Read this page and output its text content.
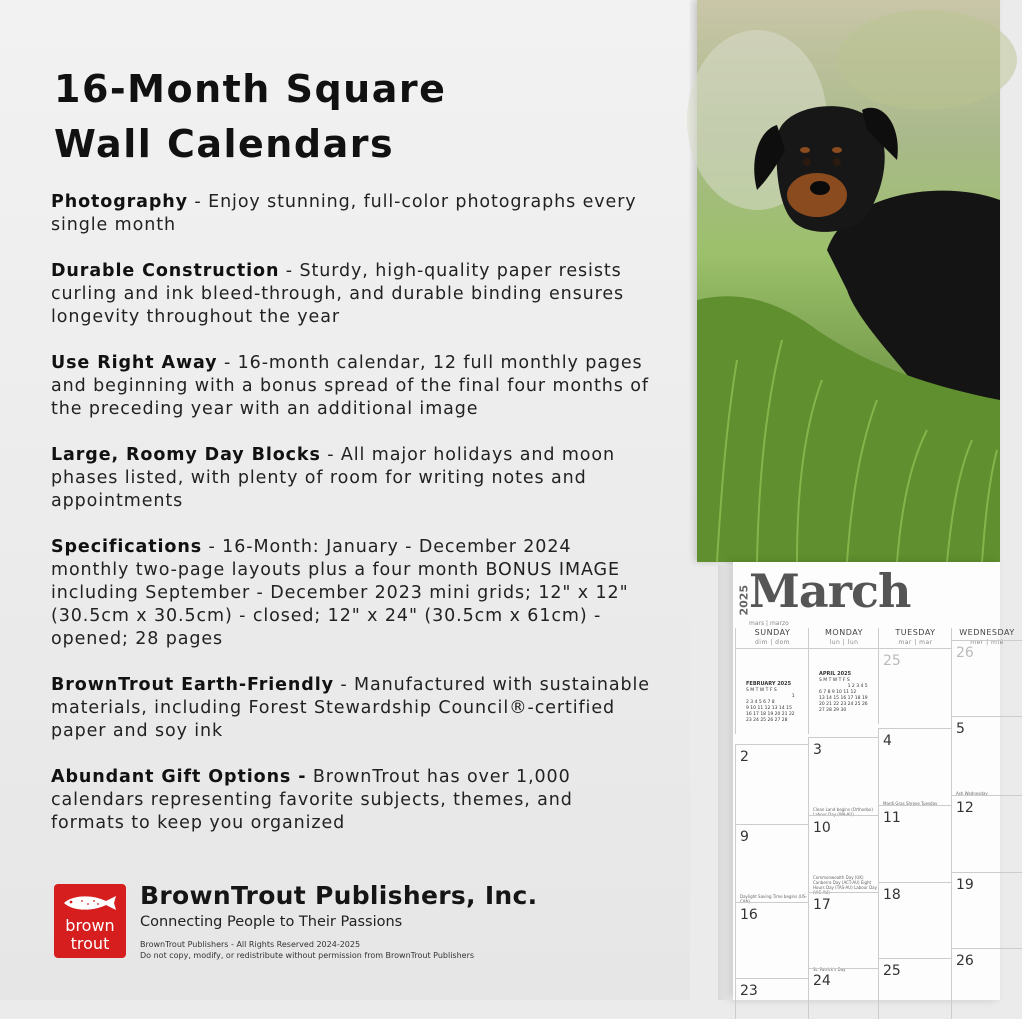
16-Month Square
Wall Calendars
Photography - Enjoy stunning, full-color photographs every single month
Durable Construction - Sturdy, high-quality paper resists curling and ink bleed-through, and durable binding ensures longevity throughout the year
Use Right Away - 16-month calendar, 12 full monthly pages and beginning with a bonus spread of the final four months of the preceding year with an additional image
Large, Roomy Day Blocks - All major holidays and moon phases listed, with plenty of room for writing notes and appointments
Specifications - 16-Month: January - December 2024 monthly two-page layouts plus a four month BONUS IMAGE including September - December 2023 mini grids; 12" x 12" (30.5cm x 30.5cm) - closed; 12" x 24" (30.5cm x 61cm) - opened; 28 pages
BrownTrout Earth-Friendly - Manufactured with sustainable materials, including Forest Stewardship Council®-certified paper and soy ink
Abundant Gift Options - BrownTrout has over 1,000 calendars representing favorite subjects, themes, and formats to keep you organized
brown
trout
BrownTrout Publishers, Inc.
Connecting People to Their Passions
BrownTrout Publishers - All Rights Reserved 2024-2025
Do not copy, modify, or redistribute without permission from BrownTrout Publishers
2025
March
mars | marzo
SUNDAY
dim | dom
MONDAY
lun | lun
TUESDAY
mar | mar
WEDNESDAY
mer | mié
FEBRUARY 2025
S M T W T F S
1
2 3 4 5 6 7 8
9 10 11 12 13 14 15
16 17 18 19 20 21 22
23 24 25 26 27 28
APRIL 2025
S M T W T F S
1 2 3 4 5
6 7 8 9 10 11 12
13 14 15 16 17 18 19
20 21 22 23 24 25 26
27 28 29 30
25	26
2	3
Clean Land begins (Orthodox) Labour Day (WA-AU)
4
Mardi Gras Shrove Tuesday
5
Ash Wednesday
9
Daylight Saving Time begins (US-CAN)
10
Commonwealth Day (UK) Canberra Day (ACT-AU) Eight Hours Day (TAS-AU) Labour Day (VIC-AU)
11
12
16
17
St. Patrick's Day
18
19
23
24
25
26
